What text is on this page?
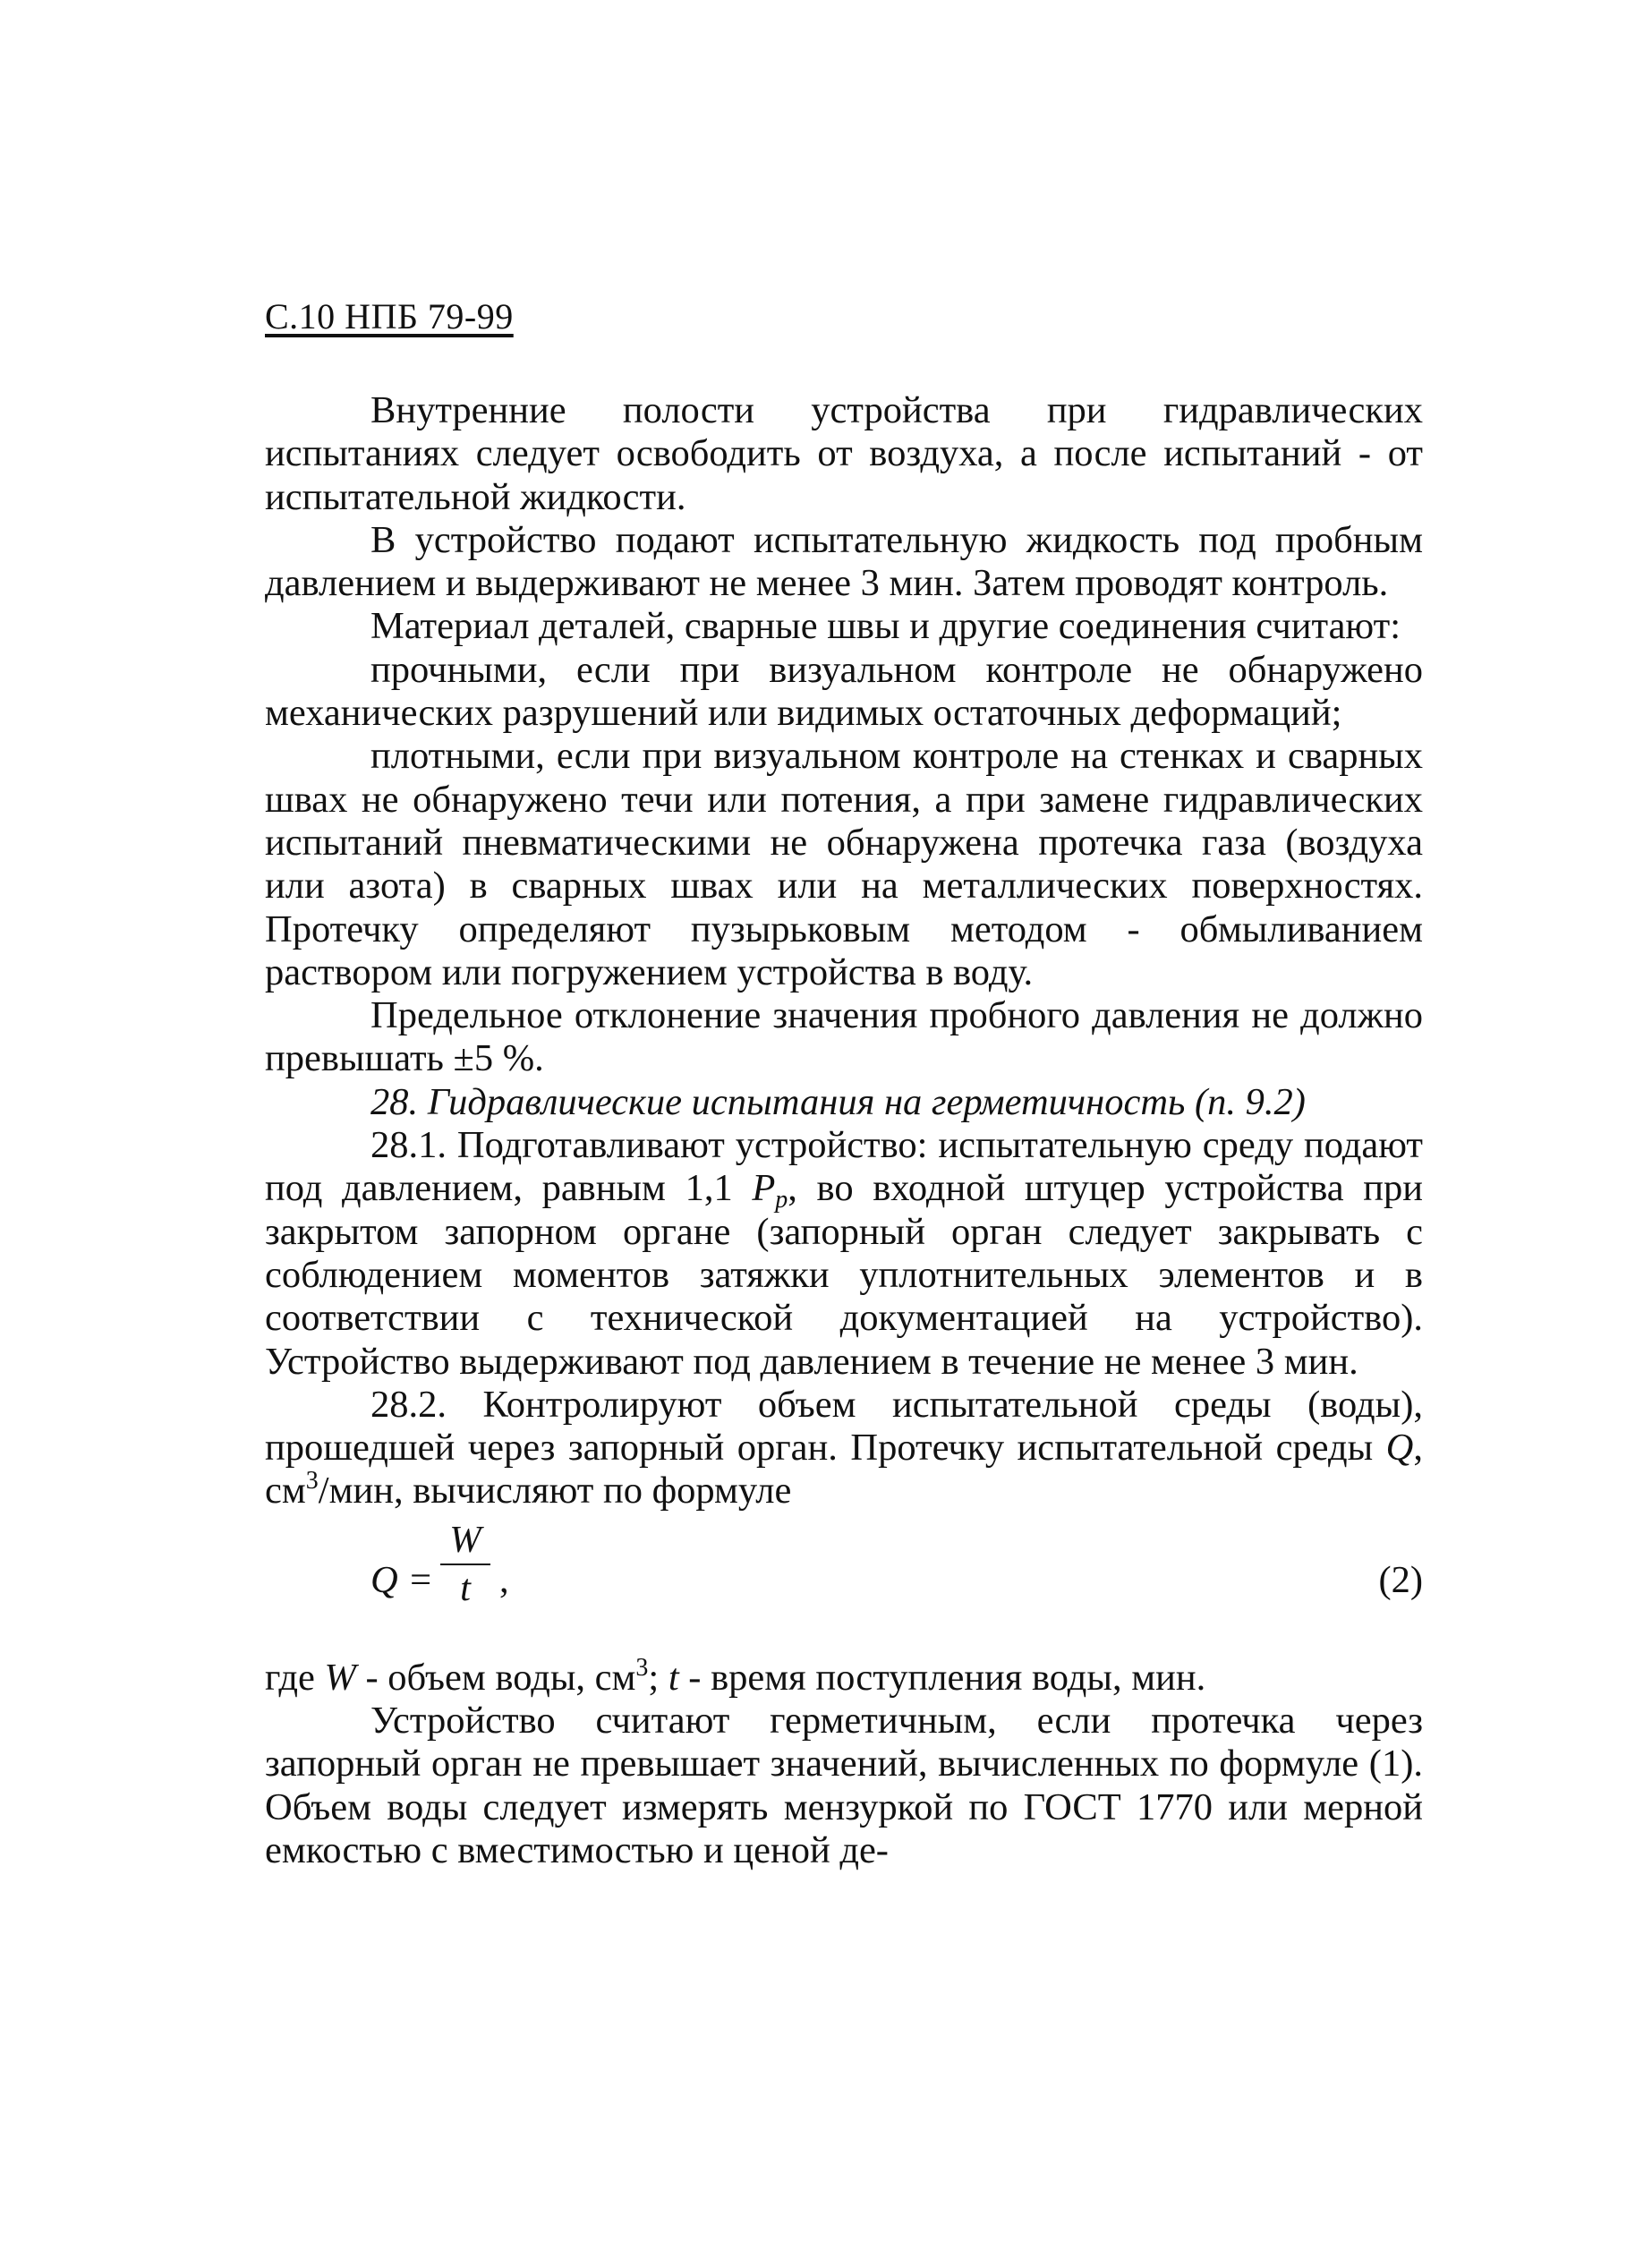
С.10 НПБ 79-99

Внутренние полости устройства при гидравлических испытаниях следует освободить от воздуха, а после испытаний - от испытательной жидкости.

В устройство подают испытательную жидкость под пробным давлением и выдерживают не менее 3 мин. Затем проводят контроль.

Материал деталей, сварные швы и другие соединения считают:

прочными, если при визуальном контроле не обнаружено механических разрушений или видимых остаточных деформаций;

плотными, если при визуальном контроле на стенках и сварных швах не обнаружено течи или потения, а при замене гидравлических испытаний пневматическими не обнаружена протечка газа (воздуха или азота) в сварных швах или на металлических поверхностях. Протечку определяют пузырьковым методом - обмыливанием раствором или погружением устройства в воду.

Предельное отклонение значения пробного давления не должно превышать ±5 %.

28. Гидравлические испытания на герметичность (п. 9.2)

28.1. Подготавливают устройство: испытательную среду подают под давлением, равным 1,1 $P_p$, во входной штуцер устройства при закрытом запорном органе (запорный орган следует закрывать с соблюдением моментов затяжки уплотнительных элементов и в соответствии с технической документацией на устройство). Устройство выдерживают под давлением в течение не менее 3 мин.

28.2. Контролируют объем испытательной среды (воды), прошедшей через запорный орган. Протечку испытательной среды Q, $см^3$/мин, вычисляют по формуле

Q =
W
t ,	(2)

где W - объем воды, $см^3$; t - время поступления воды, мин.

Устройство считают герметичным, если протечка через запорный орган не превышает значений, вычисленных по формуле (1). Объем воды следует измерять мензуркой по ГОСТ 1770 или мерной емкостью с вместимостью и ценой де-
